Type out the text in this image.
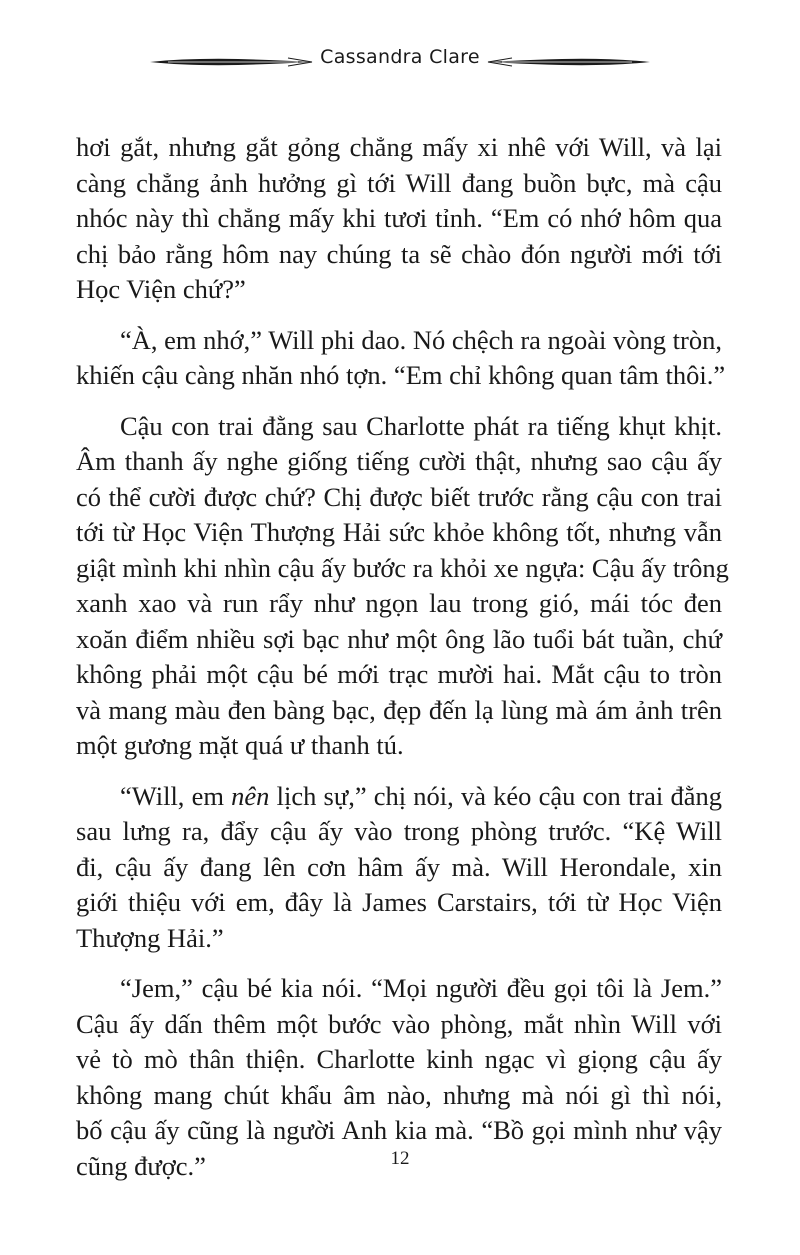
Cassandra Clare
hơi gắt, nhưng gắt gỏng chẳng mấy xi nhê với Will, và lại
càng chẳng ảnh hưởng gì tới Will đang buồn bực, mà cậu
nhóc này thì chẳng mấy khi tươi tỉnh. “Em có nhớ hôm qua
chị bảo rằng hôm nay chúng ta sẽ chào đón người mới tới
Học Viện chứ?”
“À, em nhớ,” Will phi dao. Nó chệch ra ngoài vòng tròn,
khiến cậu càng nhăn nhó tợn. “Em chỉ không quan tâm thôi.”
Cậu con trai đằng sau Charlotte phát ra tiếng khụt khịt.
Âm thanh ấy nghe giống tiếng cười thật, nhưng sao cậu ấy
có thể cười được chứ? Chị được biết trước rằng cậu con trai
tới từ Học Viện Thượng Hải sức khỏe không tốt, nhưng vẫn
giật mình khi nhìn cậu ấy bước ra khỏi xe ngựa: Cậu ấy trông
xanh xao và run rẩy như ngọn lau trong gió, mái tóc đen
xoăn điểm nhiều sợi bạc như một ông lão tuổi bát tuần, chứ
không phải một cậu bé mới trạc mười hai. Mắt cậu to tròn
và mang màu đen bàng bạc, đẹp đến lạ lùng mà ám ảnh trên
một gương mặt quá ư thanh tú.
“Will, em nên lịch sự,” chị nói, và kéo cậu con trai đằng
sau lưng ra, đẩy cậu ấy vào trong phòng trước. “Kệ Will
đi, cậu ấy đang lên cơn hâm ấy mà. Will Herondale, xin
giới thiệu với em, đây là James Carstairs, tới từ Học Viện
Thượng Hải.”
“Jem,” cậu bé kia nói. “Mọi người đều gọi tôi là Jem.”
Cậu ấy dấn thêm một bước vào phòng, mắt nhìn Will với
vẻ tò mò thân thiện. Charlotte kinh ngạc vì giọng cậu ấy
không mang chút khẩu âm nào, nhưng mà nói gì thì nói,
bố cậu ấy cũng là người Anh kia mà. “Bồ gọi mình như vậy
cũng được.”	12
